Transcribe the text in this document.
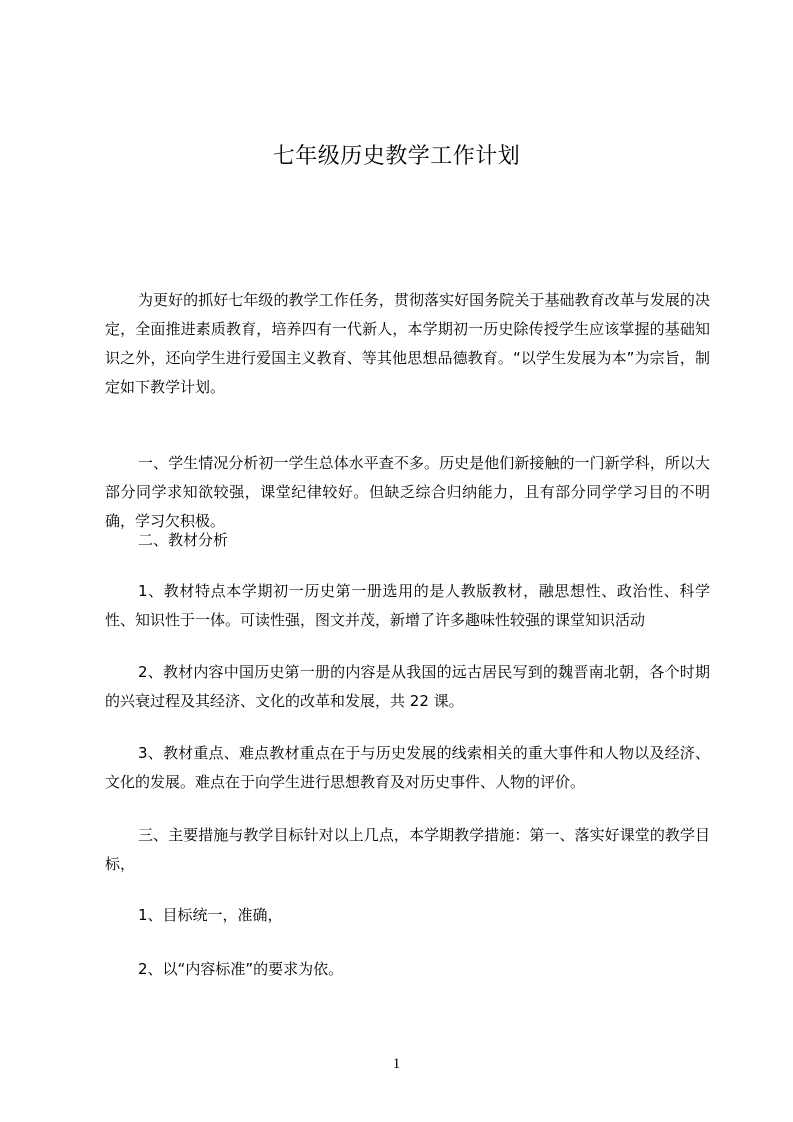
七年级历史教学工作计划

为更好的抓好七年级的教学工作任务，贯彻落实好国务院关于基础教育改革与发展的决定，全面推进素质教育，培养四有一代新人，本学期初一历史除传授学生应该掌握的基础知识之外，还向学生进行爱国主义教育、等其他思想品德教育。“以学生发展为本”为宗旨，制定如下教学计划。

一、学生情况分析初一学生总体水平查不多。历史是他们新接触的一门新学科，所以大部分同学求知欲较强，课堂纪律较好。但缺乏综合归纳能力，且有部分同学学习目的不明确，学习欠积极。

二、教材分析

1、教材特点本学期初一历史第一册选用的是人教版教材，融思想性、政治性、科学性、知识性于一体。可读性强，图文并茂，新增了许多趣味性较强的课堂知识活动

2、教材内容中国历史第一册的内容是从我国的远古居民写到的魏晋南北朝，各个时期的兴衰过程及其经济、文化的改革和发展，共 22 课。

3、教材重点、难点教材重点在于与历史发展的线索相关的重大事件和人物以及经济、文化的发展。难点在于向学生进行思想教育及对历史事件、人物的评价。

三、主要措施与教学目标针对以上几点，本学期教学措施：第一、落实好课堂的教学目标，

1、目标统一，准确，

2、以“内容标准”的要求为依。

1
